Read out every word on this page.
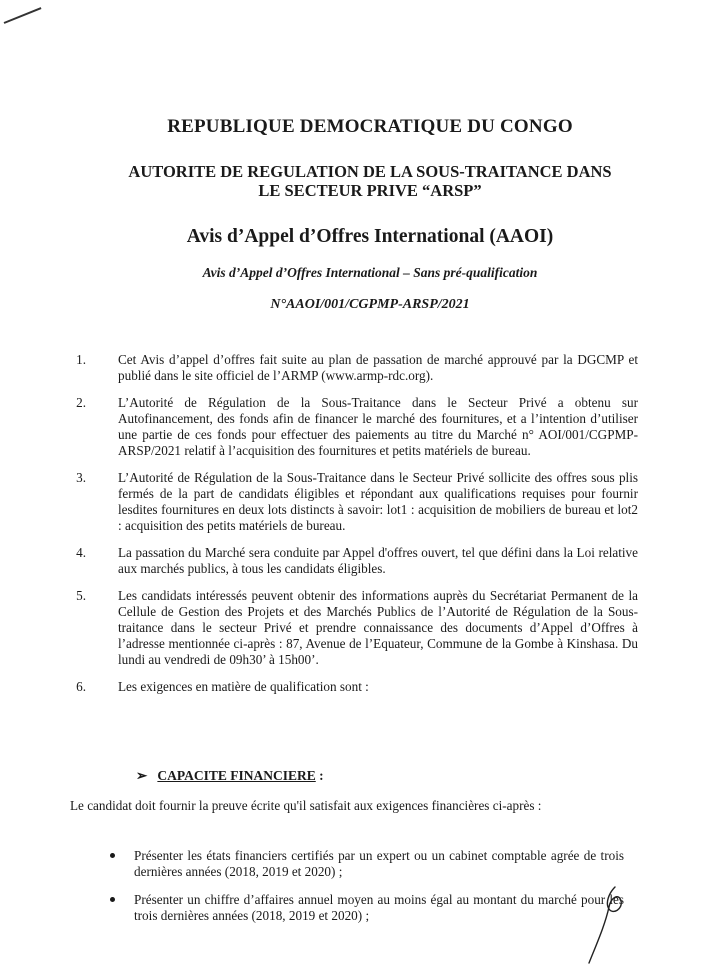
REPUBLIQUE DEMOCRATIQUE DU CONGO
AUTORITE DE REGULATION DE LA SOUS-TRAITANCE DANS
LE SECTEUR PRIVE “ARSP”
Avis d’Appel d’Offres International (AAOI)
Avis d’Appel d’Offres International – Sans pré-qualification
N°AAOI/001/CGPMP-ARSP/2021
1.	Cet Avis d’appel d’offres fait suite au plan de passation de marché approuvé par la DGCMP et publié dans le site officiel de l’ARMP (www.armp-rdc.org).
2.	L’Autorité de Régulation de la Sous-Traitance dans le Secteur Privé a obtenu sur Autofinancement, des fonds afin de financer le marché des fournitures, et a l’intention d’utiliser une partie de ces fonds pour effectuer des paiements au titre du Marché n° AOI/001/CGPMP-ARSP/2021 relatif à l’acquisition des fournitures et petits matériels de bureau.
3.	L’Autorité de Régulation de la Sous-Traitance dans le Secteur Privé sollicite des offres sous plis fermés de la part de candidats éligibles et répondant aux qualifications requises pour fournir lesdites fournitures en deux lots distincts à savoir: lot1 : acquisition de mobiliers de bureau et lot2 : acquisition des petits matériels de bureau.
4.	La passation du Marché sera conduite par Appel d'offres ouvert, tel que défini dans la Loi relative aux marchés publics, à tous les candidats éligibles.
5.	Les candidats intéressés peuvent obtenir des informations auprès du Secrétariat Permanent de la Cellule de Gestion des Projets et des Marchés Publics de l’Autorité de Régulation de la Sous-traitance dans le secteur Privé et prendre connaissance des documents d’Appel d’Offres à l’adresse mentionnée ci-après : 87, Avenue de l’Equateur, Commune de la Gombe à Kinshasa. Du lundi au vendredi de 09h30’ à 15h00’.
6.	Les exigences en matière de qualification sont :
➢ CAPACITE FINANCIERE :
Le candidat doit fournir la preuve écrite qu'il satisfait aux exigences financières ci-après :
Présenter les états financiers certifiés par un expert ou un cabinet comptable agrée de trois dernières années (2018, 2019 et 2020) ;
Présenter un chiffre d’affaires annuel moyen au moins égal au montant du marché pour les trois dernières années (2018, 2019 et 2020) ;
